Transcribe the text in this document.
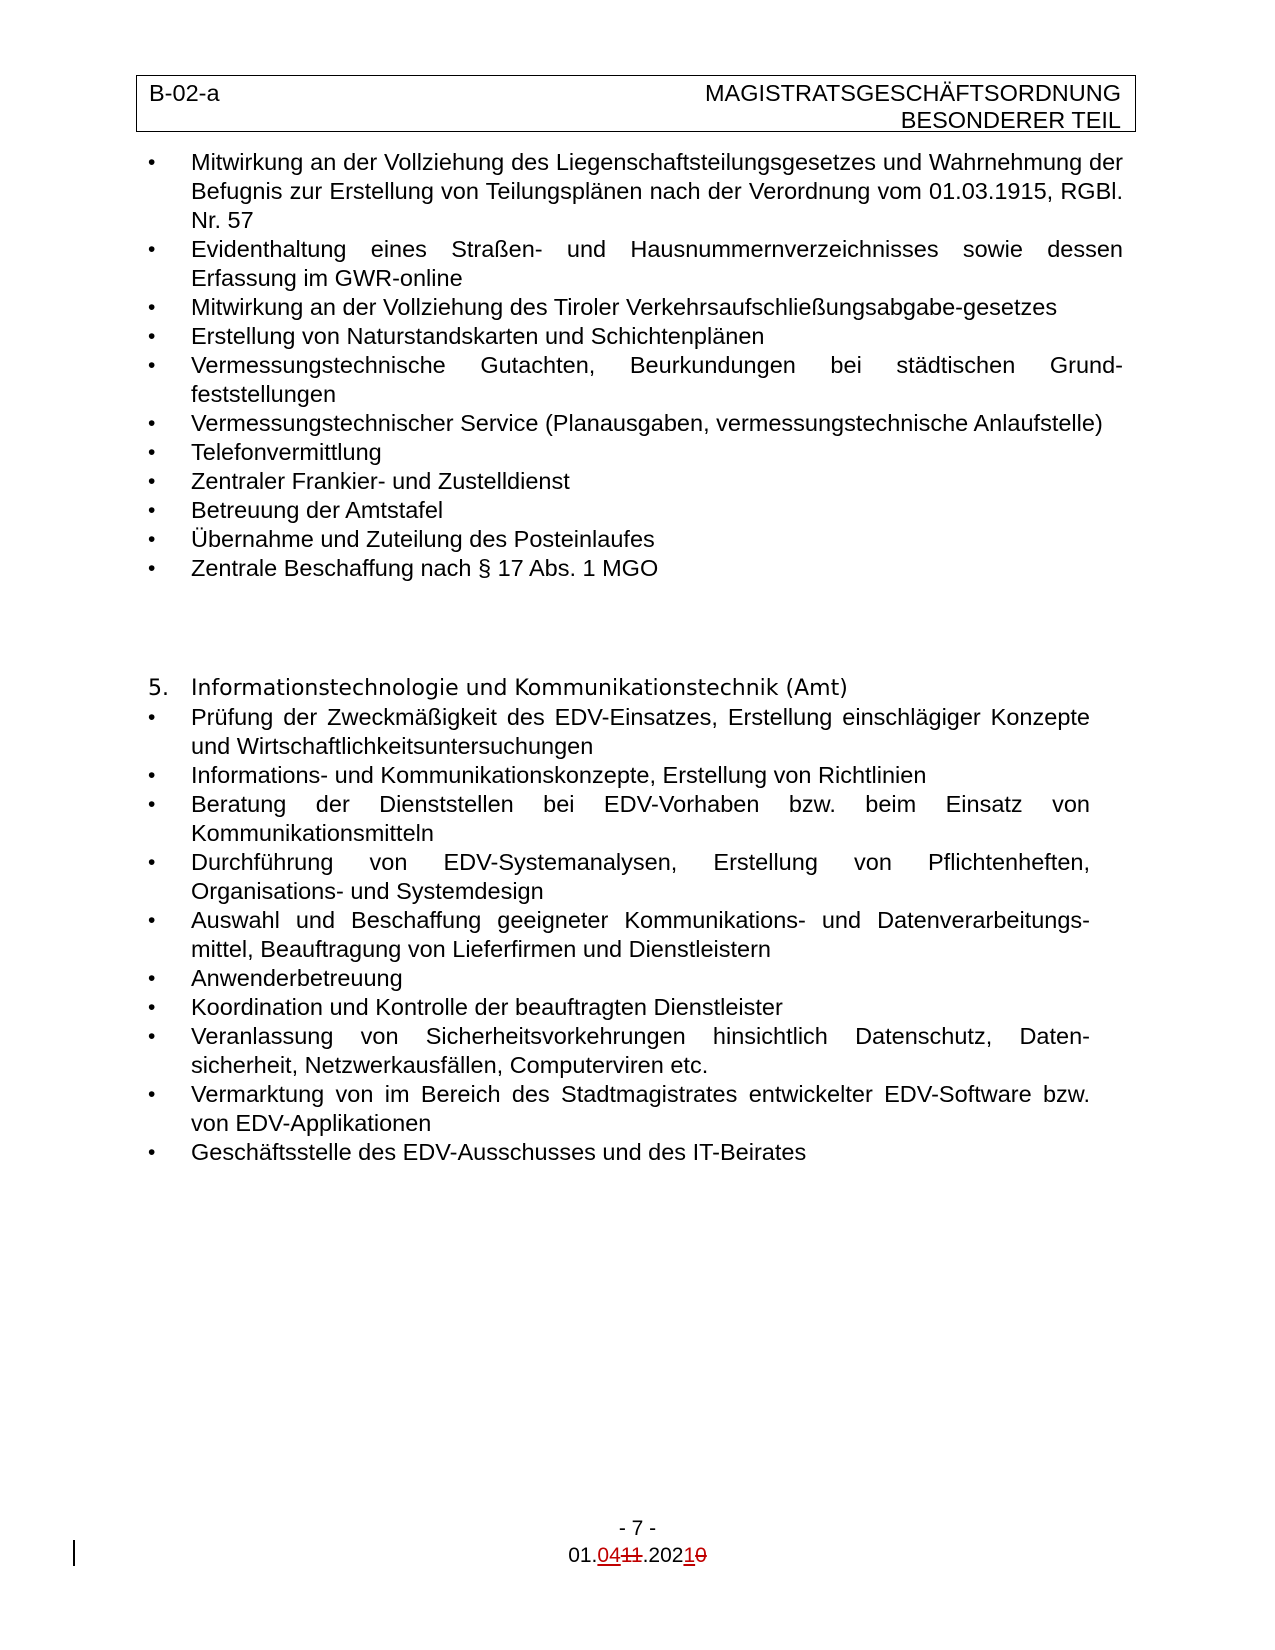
B-02-a	MAGISTRATSGESCHÄFTSORDNUNG
BESONDERER TEIL
•	Mitwirkung an der Vollziehung des Liegenschaftsteilungsgesetzes und Wahrnehmung der Befugnis zur Erstellung von Teilungsplänen nach der Verordnung vom 01.03.1915, RGBl. Nr. 57
•	Evidenthaltung eines Straßen- und Hausnummernverzeichnisses sowie dessen Erfassung im GWR-online
•	Mitwirkung an der Vollziehung des Tiroler Verkehrsaufschließungsabgabe-gesetzes
•	Erstellung von Naturstandskarten und Schichtenplänen
•	Vermessungstechnische Gutachten, Beurkundungen bei städtischen Grund-feststellungen
•	Vermessungstechnischer Service (Planausgaben, vermessungstechnische Anlaufstelle)
•	Telefonvermittlung
•	Zentraler Frankier- und Zustelldienst
•	Betreuung der Amtstafel
•	Übernahme und Zuteilung des Posteinlaufes
•	Zentrale Beschaffung nach § 17 Abs. 1 MGO
5. Informationstechnologie und Kommunikationstechnik (Amt)
•	Prüfung der Zweckmäßigkeit des EDV-Einsatzes, Erstellung einschlägiger Konzepte und Wirtschaftlichkeitsuntersuchungen
•	Informations- und Kommunikationskonzepte, Erstellung von Richtlinien
•	Beratung der Dienststellen bei EDV-Vorhaben bzw. beim Einsatz von Kommunikationsmitteln
•	Durchführung von EDV-Systemanalysen, Erstellung von Pflichtenheften, Organisations- und Systemdesign
•	Auswahl und Beschaffung geeigneter Kommunikations- und Datenverarbeitungs-mittel, Beauftragung von Lieferfirmen und Dienstleistern
•	Anwenderbetreuung
•	Koordination und Kontrolle der beauftragten Dienstleister
•	Veranlassung von Sicherheitsvorkehrungen hinsichtlich Datenschutz, Daten-sicherheit, Netzwerkausfällen, Computerviren etc.
•	Vermarktung von im Bereich des Stadtmagistrates entwickelter EDV-Software bzw. von EDV-Applikationen
•	Geschäftsstelle des EDV-Ausschusses und des IT-Beirates
- 7 -
01.0411.20210
